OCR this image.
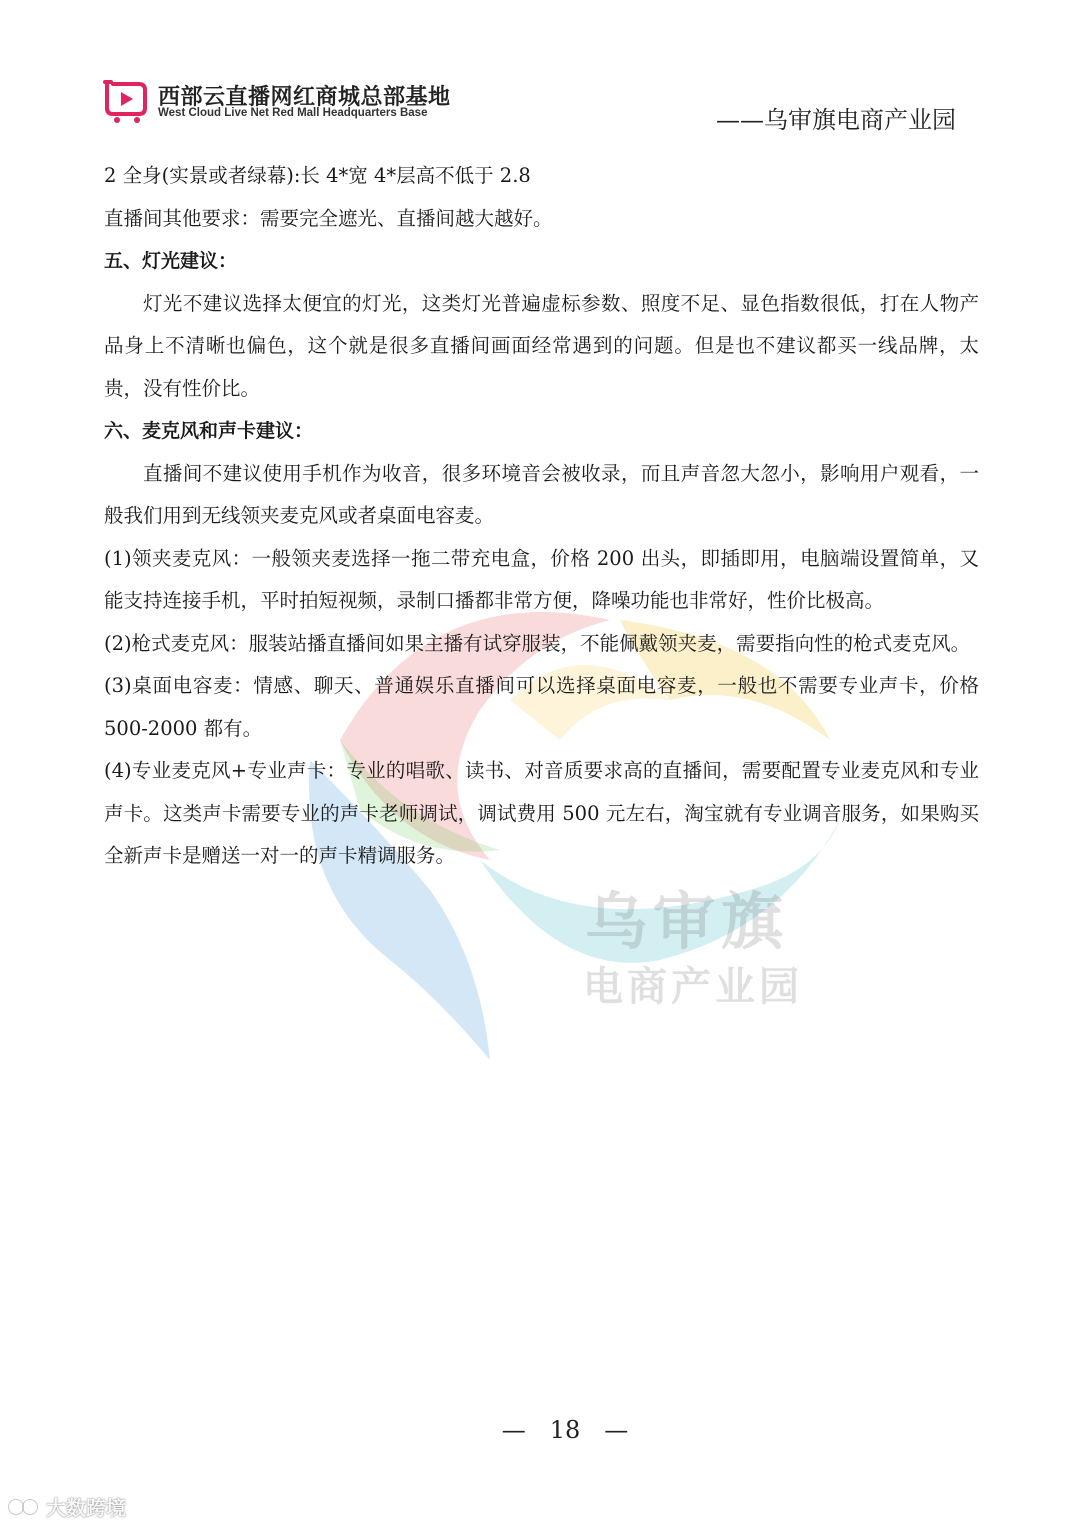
西部云直播网红商城总部基地
West Cloud Live Net Red Mall Headquarters Base	——乌审旗电商产业园
乌审旗
电商产业园

2 全身(实景或者绿幕):长 4*宽 4*层高不低于 2.8

直播间其他要求：需要完全遮光、直播间越大越好。

五、灯光建议：

灯光不建议选择太便宜的灯光，这类灯光普遍虚标参数、照度不足、显色指数很低，打在人物产品身上不清晰也偏色，这个就是很多直播间画面经常遇到的问题。但是也不建议都买一线品牌，太贵，没有性价比。

六、麦克风和声卡建议：

直播间不建议使用手机作为收音，很多环境音会被收录，而且声音忽大忽小，影响用户观看，一般我们用到无线领夹麦克风或者桌面电容麦。

(1)领夹麦克风：一般领夹麦选择一拖二带充电盒，价格 200 出头，即插即用，电脑端设置简单，又能支持连接手机，平时拍短视频，录制口播都非常方便，降噪功能也非常好，性价比极高。

(2)枪式麦克风：服装站播直播间如果主播有试穿服装，不能佩戴领夹麦，需要指向性的枪式麦克风。

(3)桌面电容麦：情感、聊天、普通娱乐直播间可以选择桌面电容麦，一般也不需要专业声卡，价格 500-2000 都有。

(4)专业麦克风+专业声卡：专业的唱歌、读书、对音质要求高的直播间，需要配置专业麦克风和专业声卡。这类声卡需要专业的声卡老师调试，调试费用 500 元左右，淘宝就有专业调音服务，如果购买全新声卡是赠送一对一的声卡精调服务。

—　18　—
大数跨境
